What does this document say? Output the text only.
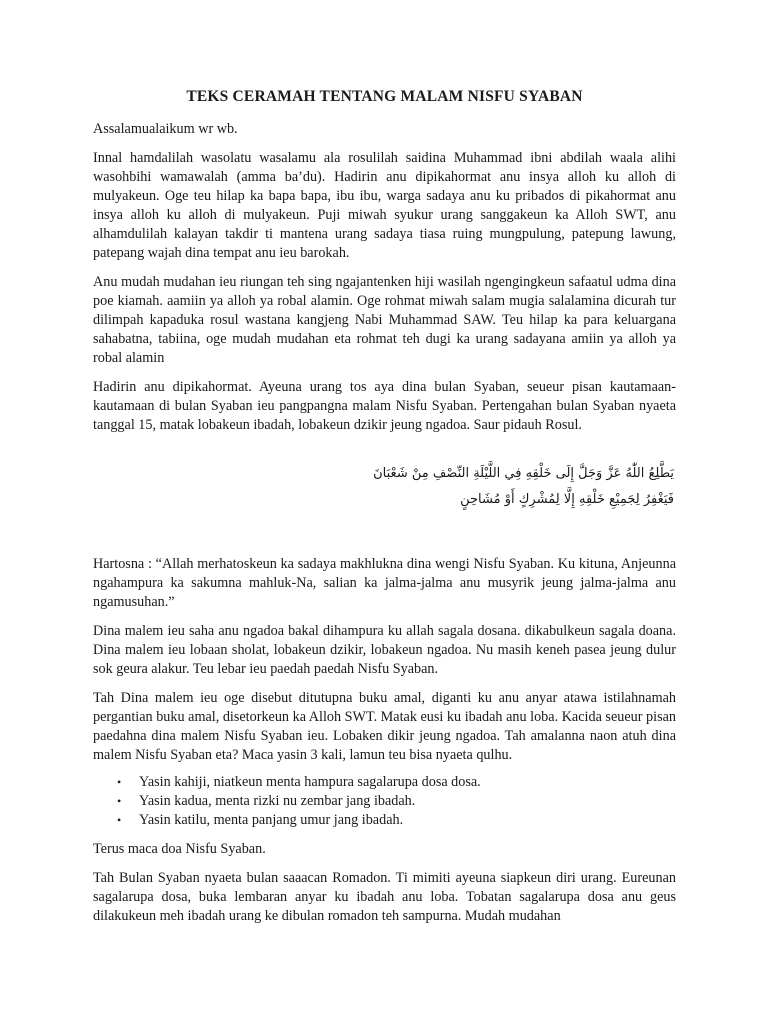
TEKS CERAMAH TENTANG MALAM NISFU SYABAN

Assalamualaikum wr wb.

Innal hamdalilah wasolatu wasalamu ala rosulilah saidina Muhammad ibni abdilah waala alihi wasohbihi wamawalah (amma ba’du). Hadirin anu dipikahormat anu insya alloh ku alloh di mulyakeun. Oge teu hilap ka bapa bapa, ibu ibu, warga sadaya anu ku pribados di pikahormat anu insya alloh ku alloh di mulyakeun. Puji miwah syukur urang sanggakeun ka Alloh SWT, anu alhamdulilah kalayan takdir ti mantena urang sadaya tiasa ruing mungpulung, patepung lawung, patepang wajah dina tempat anu ieu barokah.

Anu mudah mudahan ieu riungan teh sing ngajantenken hiji wasilah ngengingkeun safaatul udma dina poe kiamah. aamiin ya alloh ya robal alamin. Oge rohmat miwah salam mugia salalamina dicurah tur dilimpah kapaduka rosul wastana kangjeng Nabi Muhammad SAW. Teu hilap ka para keluargana sahabatna, tabiina, oge mudah mudahan eta rohmat teh dugi ka urang sadayana amiin ya alloh ya robal alamin

Hadirin anu dipikahormat. Ayeuna urang tos aya dina bulan Syaban, seueur pisan kautamaan-kautamaan di bulan Syaban ieu pangpangna malam Nisfu Syaban. Pertengahan bulan Syaban nyaeta tanggal 15, matak lobakeun ibadah, lobakeun dzikir jeung ngadoa. Saur pidauh Rosul.

يَطَّلِعُ اللّٰهُ عَزَّ وَجَلَّ إِلَى خَلْقِهِ فِي اللَّيْلَةِ النِّصْفِ مِنْ شَعْبَانَ
فَيَغْفِرُ لِجَمِيْعِ خَلْقِهِ إِلَّا لِمُشْرِكٍ أَوْ مُشَاحِنٍ

Hartosna : “Allah merhatoskeun ka sadaya makhlukna dina wengi Nisfu Syaban. Ku kituna, Anjeunna ngahampura ka sakumna mahluk-Na, salian ka jalma-jalma anu musyrik jeung jalma-jalma anu ngamusuhan.”

Dina malem ieu saha anu ngadoa bakal dihampura ku allah sagala dosana. dikabulkeun sagala doana. Dina malem ieu lobaan sholat, lobakeun dzikir, lobakeun ngadoa. Nu masih keneh pasea jeung dulur sok geura alakur. Teu lebar ieu paedah paedah Nisfu Syaban.

Tah Dina malem ieu oge disebut ditutupna buku amal, diganti ku anu anyar atawa istilahnamah pergantian buku amal, disetorkeun ka Alloh SWT. Matak eusi ku ibadah anu loba. Kacida seueur pisan paedahna dina malem Nisfu Syaban ieu. Lobaken dikir jeung ngadoa. Tah amalanna naon atuh dina malem Nisfu Syaban eta? Maca yasin 3 kali, lamun teu bisa nyaeta qulhu.

• Yasin kahiji, niatkeun menta hampura sagalarupa dosa dosa.
• Yasin kadua, menta rizki nu zembar jang ibadah.
• Yasin katilu, menta panjang umur jang ibadah.

Terus maca doa Nisfu Syaban.

Tah Bulan Syaban nyaeta bulan saaacan Romadon. Ti mimiti ayeuna siapkeun diri urang. Eureunan sagalarupa dosa, buka lembaran anyar ku ibadah anu loba. Tobatan sagalarupa dosa anu geus dilakukeun meh ibadah urang ke dibulan romadon teh sampurna. Mudah mudahan
